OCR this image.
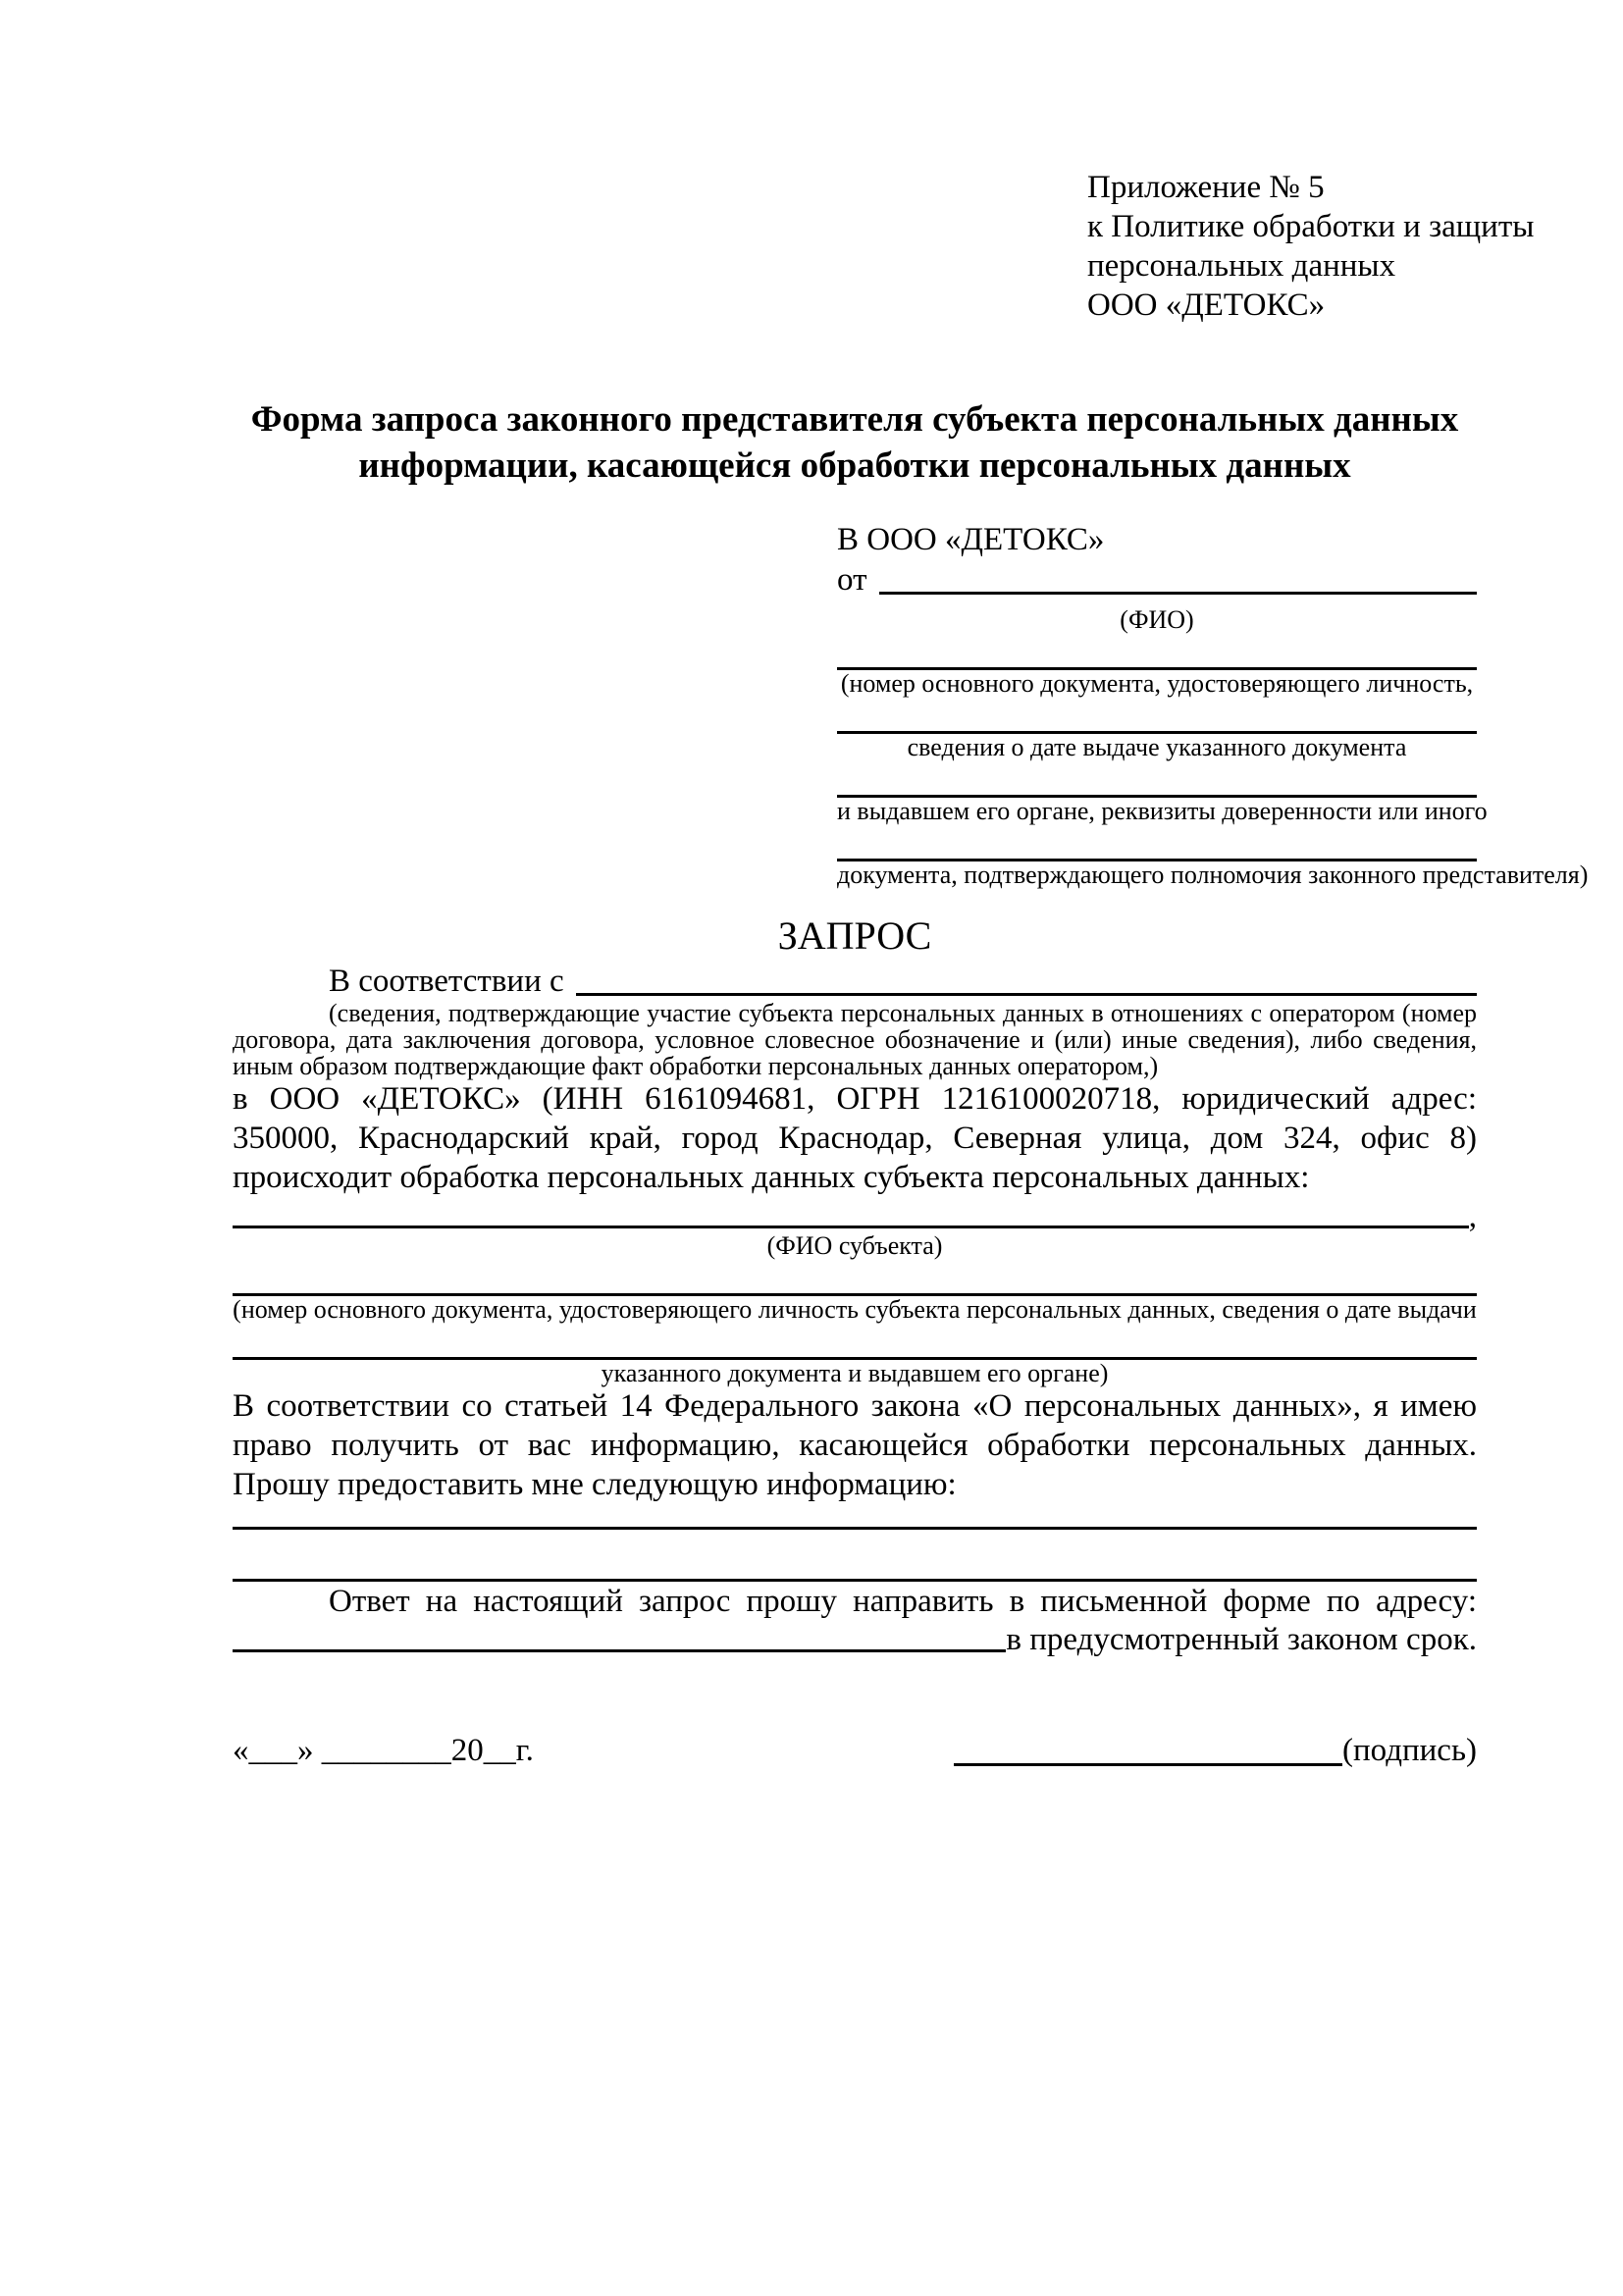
Приложение № 5
к Политике обработки и защиты
персональных данных
ООО «ДЕТОКС»
Форма запроса законного представителя субъекта персональных данных
информации, касающейся обработки персональных данных
В ООО «ДЕТОКС»
от
(ФИО)
(номер основного документа, удостоверяющего личность,
сведения о дате выдаче указанного документа
и выдавшем его органе, реквизиты доверенности или иного
документа, подтверждающего полномочия законного представителя)
ЗАПРОС
В соответствии с
(сведения, подтверждающие участие субъекта персональных данных в отношениях с оператором (номер договора, дата заключения договора, условное словесное обозначение и (или) иные сведения), либо сведения, иным образом подтверждающие факт обработки персональных данных оператором,)

в ООО «ДЕТОКС» (ИНН 6161094681, ОГРН 1216100020718, юридический адрес: 350000, Краснодарский край, город Краснодар, Северная улица, дом 324, офис 8) происходит обработка персональных данных субъекта персональных данных:

,
(ФИО субъекта)
(номер основного документа, удостоверяющего личность субъекта персональных данных, сведения о дате выдачи
указанного документа и выдавшем его органе)

В соответствии со статьей 14 Федерального закона «О персональных данных», я имею право получить от вас информацию, касающейся обработки персональных данных. Прошу предоставить мне следующую информацию:

Ответ на настоящий запрос прошу направить в письменной форме по адресу:

в предусмотренный законом срок.
«___» ________20__г.	(подпись)
